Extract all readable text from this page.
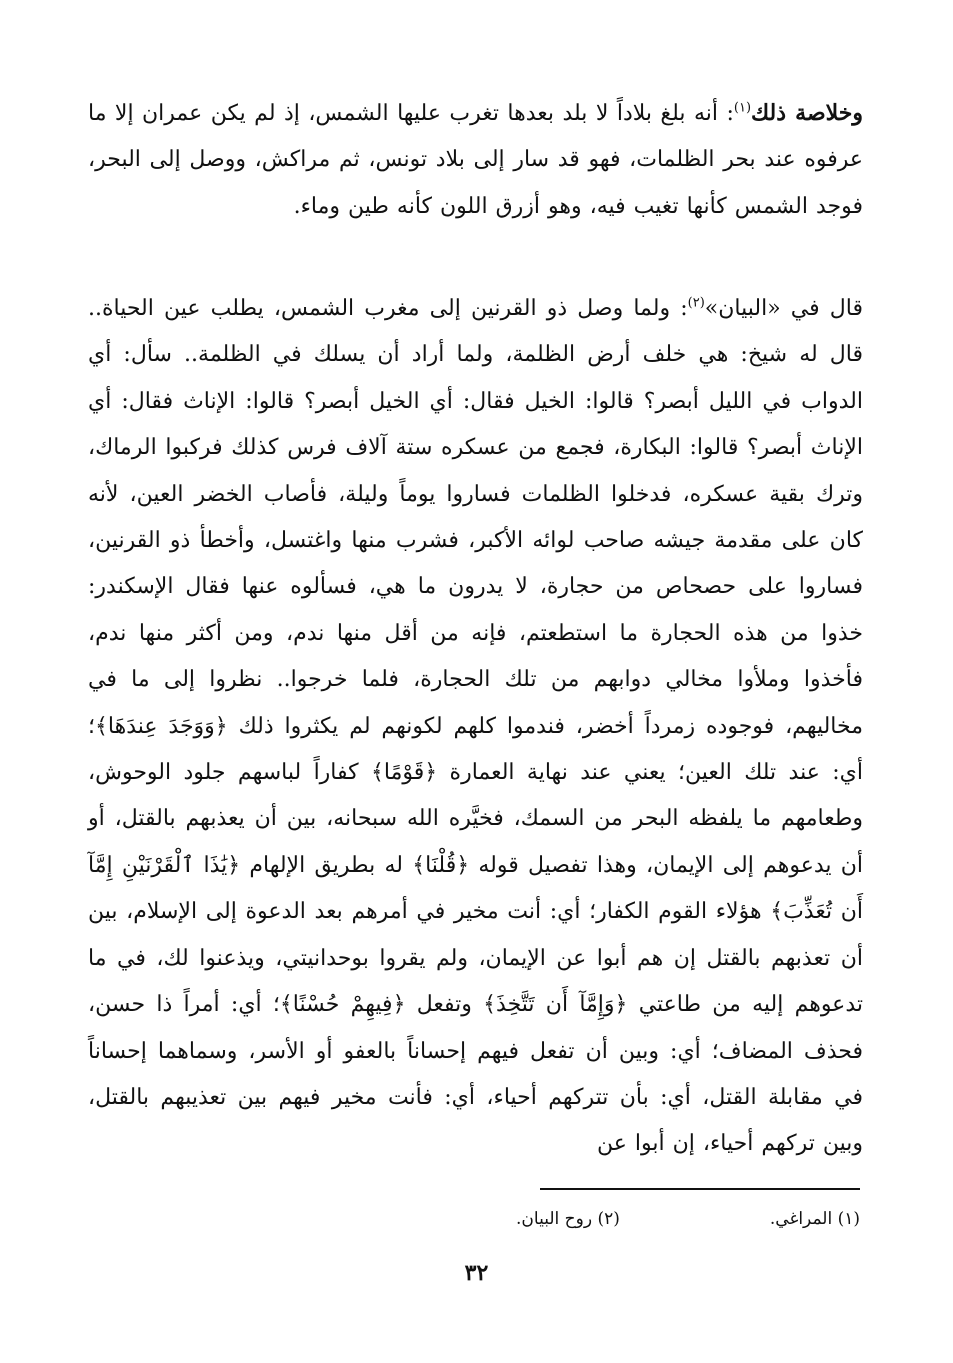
وخلاصة ذلك$^{(١)}$: أنه بلغ بلاداً لا بلد بعدها تغرب عليها الشمس، إذ لم يكن عمران إلا ما عرفوه عند بحر الظلمات، فهو قد سار إلى بلاد تونس، ثم مراكش، ووصل إلى البحر، فوجد الشمس كأنها تغيب فيه، وهو أزرق اللون كأنه طين وماء.

قال في «البيان»$^{(٢)}$: ولما وصل ذو القرنين إلى مغرب الشمس، يطلب عين الحياة.. قال له شيخ: هي خلف أرض الظلمة، ولما أراد أن يسلك في الظلمة.. سأل: أي الدواب في الليل أبصر؟ قالوا: الخيل فقال: أي الخيل أبصر؟ قالوا: الإناث فقال: أي الإناث أبصر؟ قالوا: البكارة، فجمع من عسكره ستة آلاف فرس كذلك فركبوا الرماك، وترك بقية عسكره، فدخلوا الظلمات فساروا يوماً وليلة، فأصاب الخضر العين، لأنه كان على مقدمة جيشه صاحب لوائه الأكبر، فشرب منها واغتسل، وأخطأ ذو القرنين، فساروا على حصحاص من حجارة، لا يدرون ما هي، فسألوه عنها فقال الإسكندر: خذوا من هذه الحجارة ما استطعتم، فإنه من أقل منها ندم، ومن أكثر منها ندم، فأخذوا وملأوا مخالي دوابهم من تلك الحجارة، فلما خرجوا.. نظروا إلى ما في مخاليهم، فوجوده زمرداً أخضر، فندموا كلهم لكونهم لم يكثروا ذلك ﴿وَوَجَدَ عِندَهَا﴾؛ أي: عند تلك العين؛ يعني عند نهاية العمارة ﴿قَوْمًا﴾ كفاراً لباسهم جلود الوحوش، وطعامهم ما يلفظه البحر من السمك، فخيَّره الله سبحانه، بين أن يعذبهم بالقتل، أو أن يدعوهم إلى الإيمان، وهذا تفصيل قوله ﴿قُلْنَا﴾ له بطريق الإلهام ﴿يَٰذَا ٱلْقَرْنَيْنِ إِمَّآ أَن تُعَذِّبَ﴾ هؤلاء القوم الكفار؛ أي: أنت مخير في أمرهم بعد الدعوة إلى الإسلام، بين أن تعذبهم بالقتل إن هم أبوا عن الإيمان، ولم يقروا بوحدانيتي، ويذعنوا لك، في ما تدعوهم إليه من طاعتي ﴿وَإِمَّآ أَن تَتَّخِذَ﴾ وتفعل ﴿فِيهِمْ حُسْنًا﴾؛ أي: أمراً ذا حسن، فحذف المضاف؛ أي: وبين أن تفعل فيهم إحساناً بالعفو أو الأسر، وسماهما إحساناً في مقابلة القتل، أي: بأن تتركهم أحياء، أي: فأنت مخير فيهم بين تعذيبهم بالقتل، وبين تركهم أحياء، إن أبوا عن

(١) المراغي.
(٢) روح البيان.
٣٢
